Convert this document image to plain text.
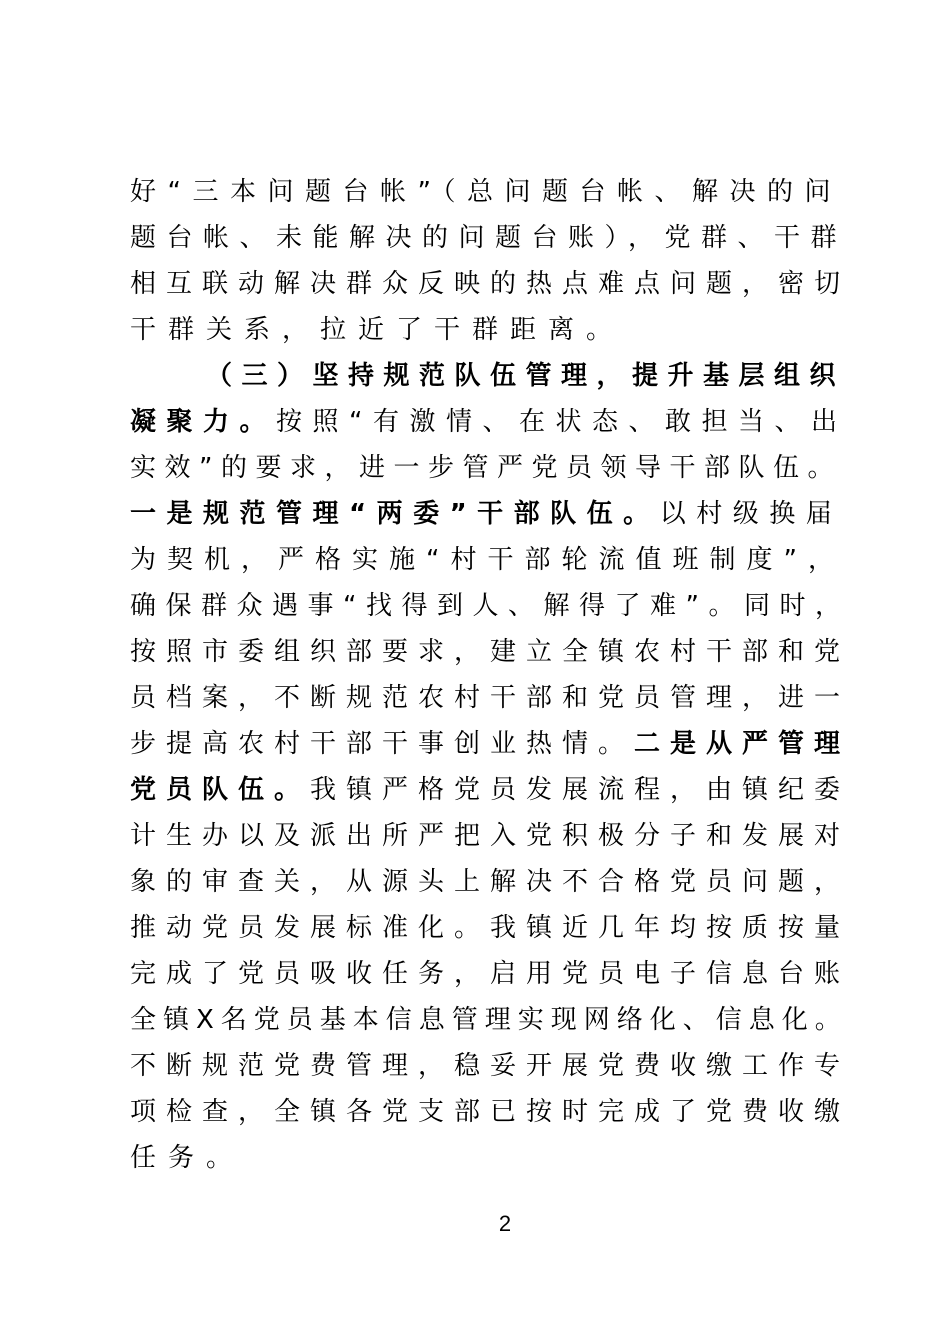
好“三本问题台帐”（总问题台帐、解决的问
题台帐、未能解决的问题台账），党群、干群
相互联动解决群众反映的热点难点问题，密切
干群关系，拉近了干群距离。
（三）坚持规范队伍管理，提升基层组织
凝聚力。按照“有激情、在状态、敢担当、出
实效”的要求，进一步管严党员领导干部队伍。
一是规范管理“两委”干部队伍。以村级换届
为契机，严格实施“村干部轮流值班制度”，
确保群众遇事“找得到人、解得了难”。同时，
按照市委组织部要求，建立全镇农村干部和党
员档案，不断规范农村干部和党员管理，进一
步提高农村干部干事创业热情。二是从严管理
党员队伍。我镇严格党员发展流程，由镇纪委
计生办以及派出所严把入党积极分子和发展对
象的审查关，从源头上解决不合格党员问题，
推动党员发展标准化。我镇近几年均按质按量
完成了党员吸收任务，启用党员电子信息台账
全镇X名党员基本信息管理实现网络化、信息化。
不断规范党费管理，稳妥开展党费收缴工作专
项检查，全镇各党支部已按时完成了党费收缴
任务。
2
